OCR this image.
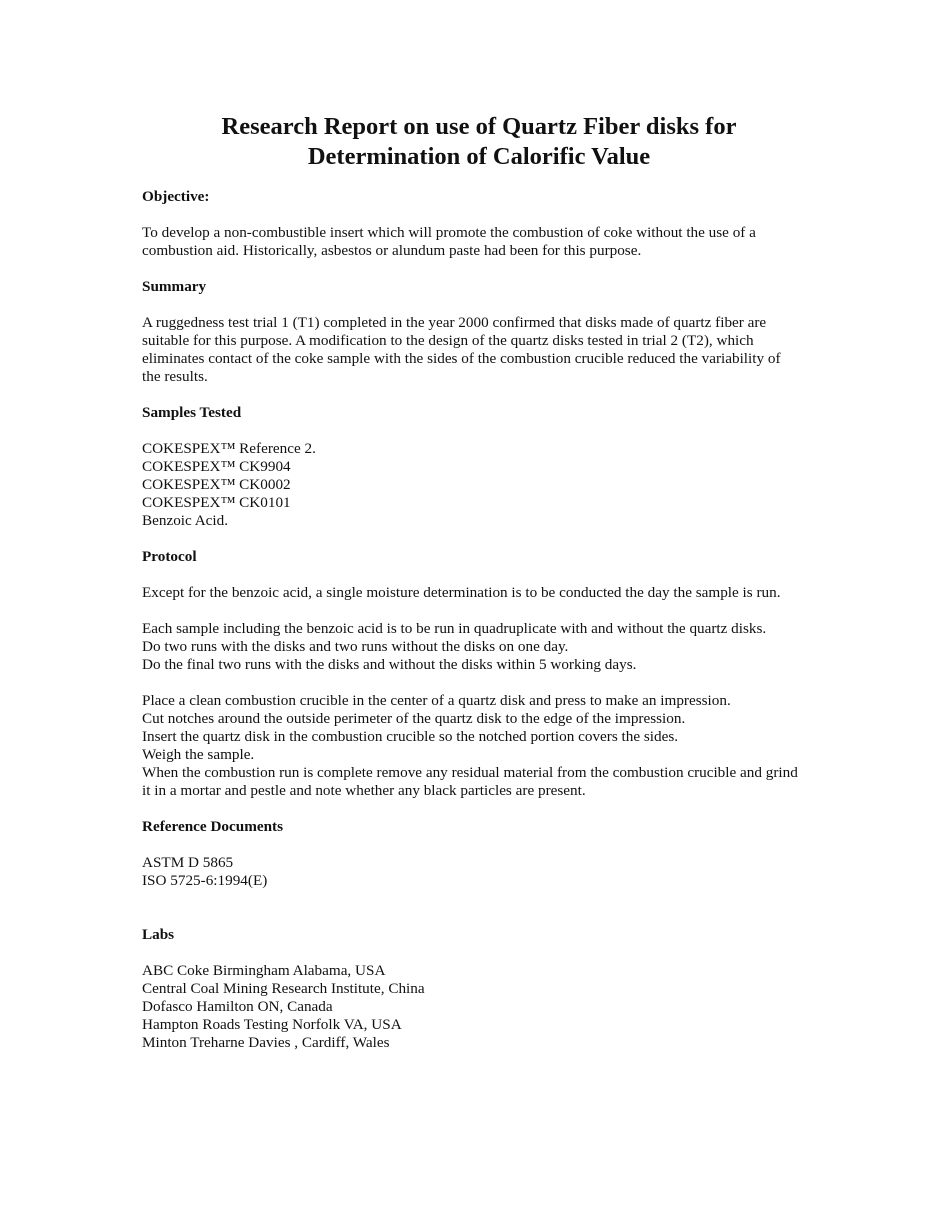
Research Report on use of Quartz Fiber disks for
Determination of Calorific Value
Objective:
To develop a non-combustible insert which will promote the combustion of coke without the use of a
combustion aid. Historically, asbestos or alundum paste had been for this purpose.
Summary
A ruggedness test trial 1 (T1) completed in the year 2000 confirmed that disks made of quartz fiber are
suitable for this purpose. A modification to the design of the quartz disks tested in trial 2 (T2), which
eliminates contact of the coke sample with the sides of the combustion crucible reduced the variability of
the results.
Samples Tested
COKESPEX™ Reference 2.
COKESPEX™ CK9904
COKESPEX™ CK0002
COKESPEX™ CK0101
Benzoic Acid.
Protocol
Except for the benzoic acid, a single moisture determination is to be conducted the day the sample is run.
Each sample including the benzoic acid is to be run in quadruplicate with and without the quartz disks.
Do two runs with the disks and two runs without the disks on one day.
Do the final two runs with the disks and without the disks within 5 working days.
Place a clean combustion crucible in the center of a quartz disk and press to make an impression.
Cut notches around the outside perimeter of the quartz disk to the edge of the impression.
Insert the quartz disk in the combustion crucible so the notched portion covers the sides.
Weigh the sample.
When the combustion run is complete remove any residual material from the combustion crucible and grind
it in a mortar and pestle and note whether any black particles are present.
Reference Documents
ASTM D 5865
ISO 5725-6:1994(E)
Labs
ABC Coke Birmingham Alabama, USA
Central Coal Mining Research Institute, China
Dofasco Hamilton ON, Canada
Hampton Roads Testing Norfolk VA, USA
Minton Treharne Davies , Cardiff, Wales
